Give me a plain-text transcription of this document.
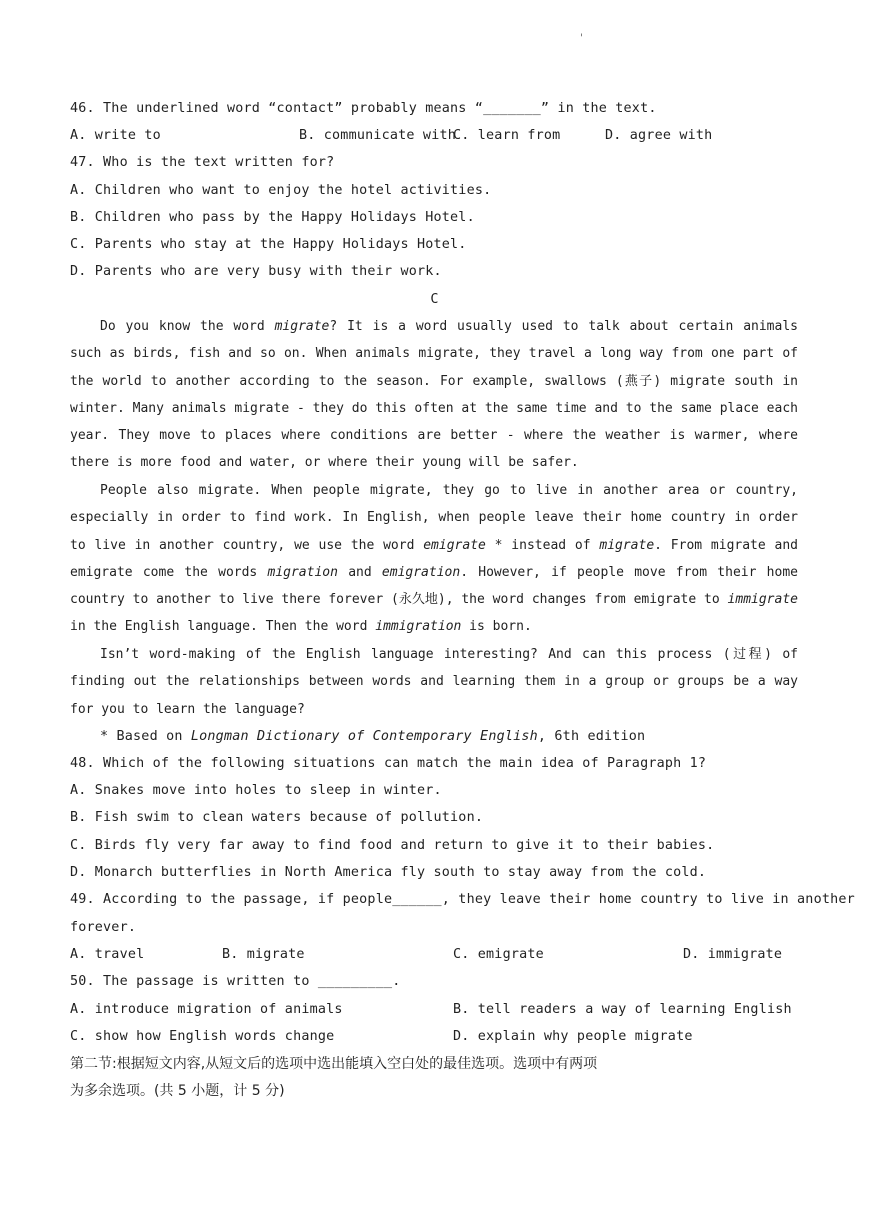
'
46. The underlined word “contact” probably means “_______” in the text.
A. write to	B. communicate with
C. learn from	D. agree with
47. Who is the text written for?
A. Children who want to enjoy the hotel activities.
B. Children who pass by the Happy Holidays Hotel.
C. Parents who stay at the Happy Holidays Hotel.
D. Parents who are very busy with their work.
C
Do you know the word migrate? It is a word usually used to talk about certain animals such as birds, fish and so on. When animals migrate, they travel a long way from one part of the world to another according to the season. For example, swallows (燕子) migrate south in winter. Many animals migrate - they do this often at the same time and to the same place each year. They move to places where conditions are better - where the weather is warmer, where there is more food and water, or where their young will be safer.
People also migrate. When people migrate, they go to live in another area or country, especially in order to find work. In English, when people leave their home country in order to live in another country, we use the word emigrate * instead of migrate. From migrate and emigrate come the words migration and emigration. However, if people move from their home country to another to live there forever (永久地), the word changes from emigrate to immigrate in the English language. Then the word immigration is born.
Isn’t word-making of the English language interesting? And can this process (过程) of finding out the relationships between words and learning them in a group or groups be a way for you to learn the language?
* Based on Longman Dictionary of Contemporary English, 6th edition
48. Which of the following situations can match the main idea of Paragraph 1?
A. Snakes move into holes to sleep in winter.
B. Fish swim to clean waters because of pollution.
C. Birds fly very far away to find food and return to give it to their babies.
D. Monarch butterflies in North America fly south to stay away from the cold.
49. According to the passage, if people______, they leave their home country to live in another
forever.
A. travel	B. migrate	C. emigrate	D. immigrate
50. The passage is written to _________.
A. introduce migration of animals	B. tell readers a way of learning English
C. show how English words change	D. explain why people migrate
第二节:根据短文内容,从短文后的选项中选出能填入空白处的最佳选项。选项中有两项
为多余选项。(共 5 小题，计 5 分)
